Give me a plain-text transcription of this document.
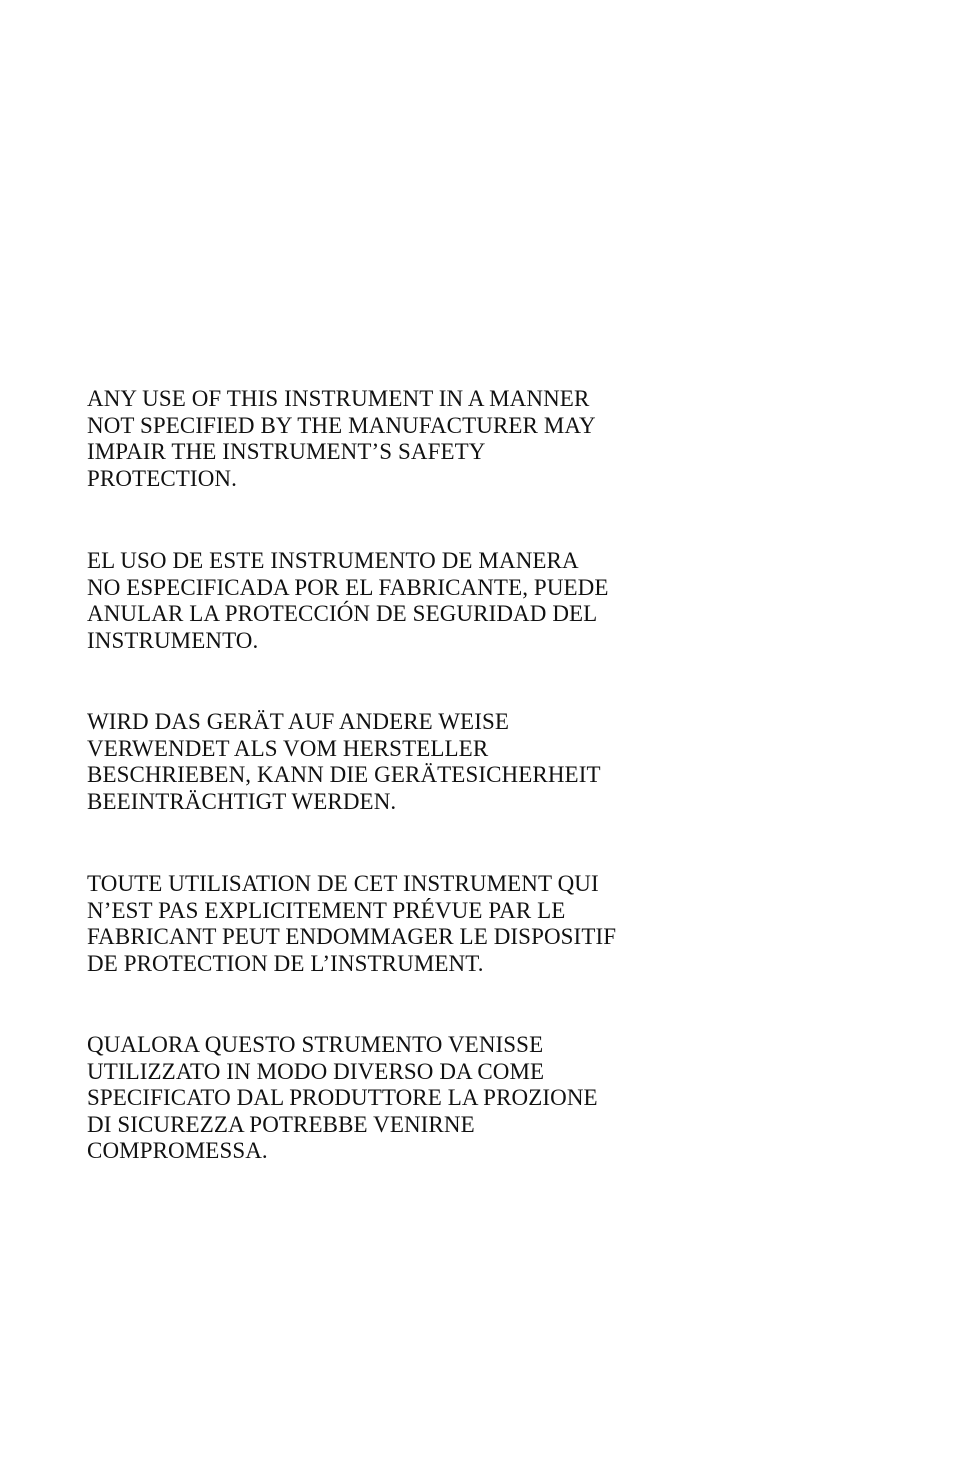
ANY USE OF THIS INSTRUMENT IN A MANNER
NOT SPECIFIED BY THE MANUFACTURER MAY
IMPAIR THE INSTRUMENT’S SAFETY
PROTECTION.

EL USO DE ESTE INSTRUMENTO DE MANERA
NO ESPECIFICADA POR EL FABRICANTE, PUEDE
ANULAR LA PROTECCIÓN DE SEGURIDAD DEL
INSTRUMENTO.

WIRD DAS GERÄT AUF ANDERE WEISE
VERWENDET ALS VOM HERSTELLER
BESCHRIEBEN, KANN DIE GERÄTESICHERHEIT
BEEINTRÄCHTIGT WERDEN.

TOUTE UTILISATION DE CET INSTRUMENT QUI
N’EST PAS EXPLICITEMENT PRÉVUE PAR LE
FABRICANT PEUT ENDOMMAGER LE DISPOSITIF
DE PROTECTION DE L’INSTRUMENT.

QUALORA QUESTO STRUMENTO VENISSE
UTILIZZATO IN MODO DIVERSO DA COME
SPECIFICATO DAL PRODUTTORE LA PROZIONE
DI SICUREZZA POTREBBE VENIRNE
COMPROMESSA.
